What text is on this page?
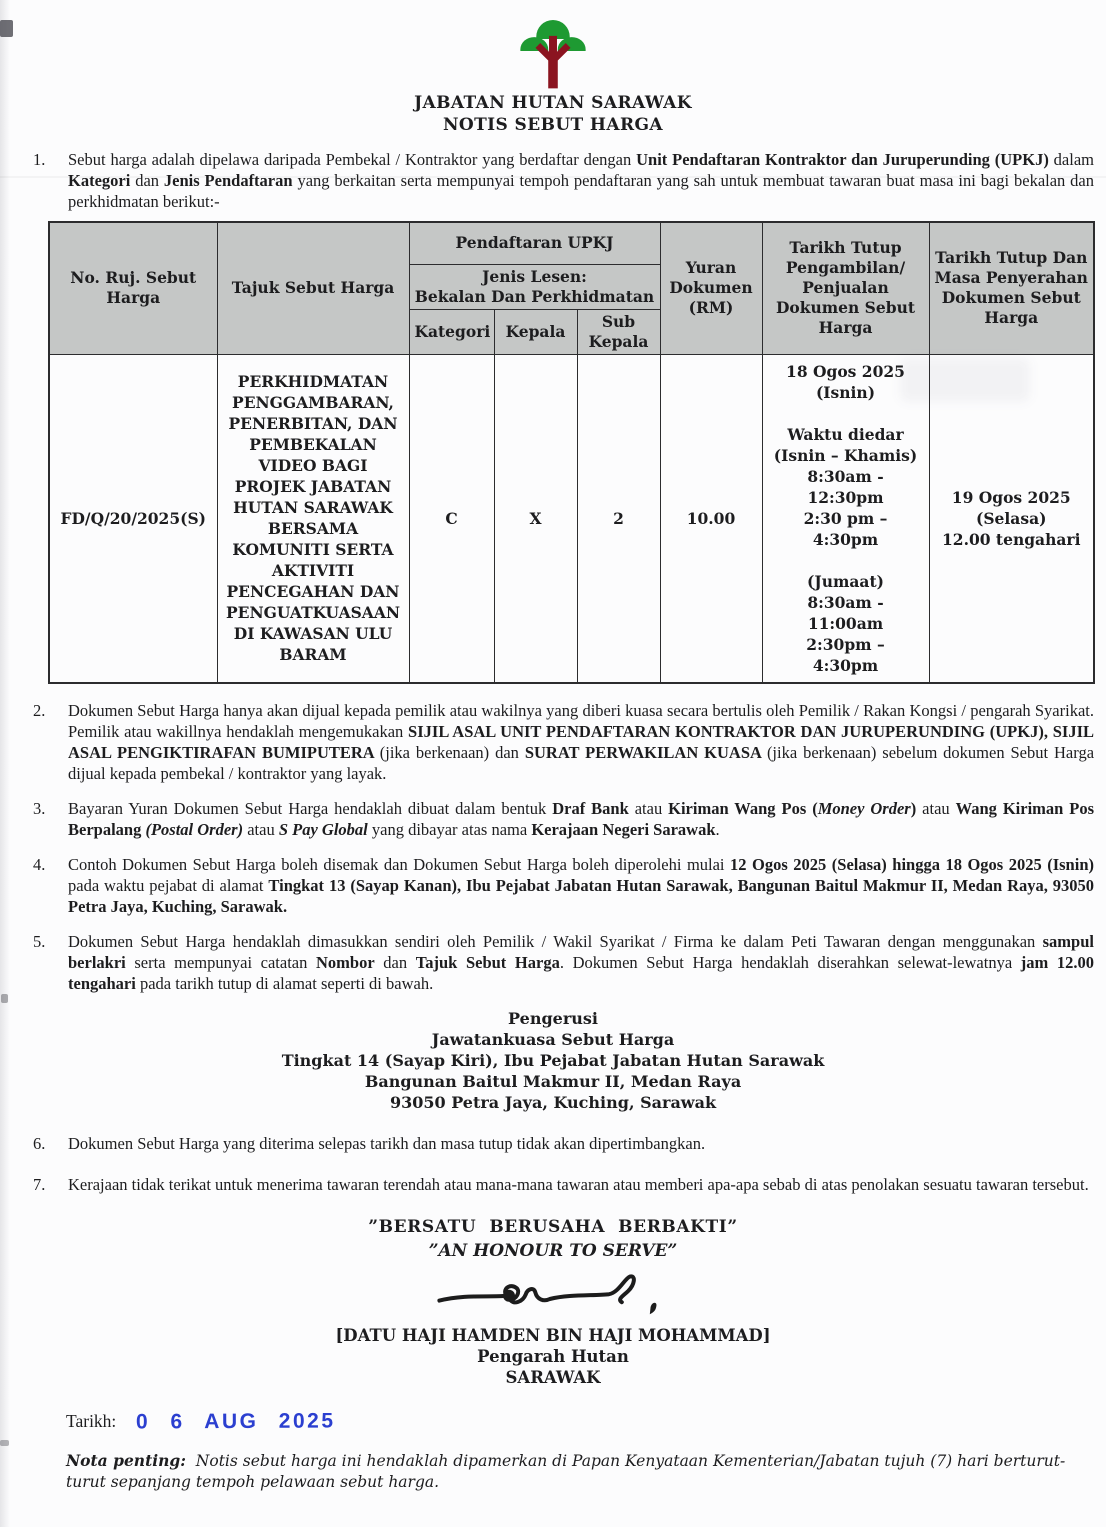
JABATAN HUTAN SARAWAK
NOTIS SEBUT HARGA
1.	Sebut harga adalah dipelawa daripada Pembekal / Kontraktor yang berdaftar dengan Unit Pendaftaran Kontraktor dan Juruperunding (UPKJ) dalam Kategori dan Jenis Pendaftaran yang berkaitan serta mempunyai tempoh pendaftaran yang sah untuk membuat tawaran buat masa ini bagi bekalan dan perkhidmatan berikut:-
No. Ruj. Sebut Harga	Tajuk Sebut Harga	Pendaftaran UPKJ			Yuran Dokumen (RM)	Tarikh Tutup Pengambilan/ Penjualan Dokumen Sebut Harga	Tarikh Tutup Dan Masa Penyerahan Dokumen Sebut Harga
		Jenis Lesen:
Bekalan Dan Perkhidmatan					
		Kategori	Kepala	Sub Kepala			
FD/Q/20/2025(S)	PERKHIDMATAN PENGGAMBARAN, PENERBITAN, DAN PEMBEKALAN VIDEO BAGI PROJEK JABATAN HUTAN SARAWAK BERSAMA KOMUNITI SERTA AKTIVITI PENCEGAHAN DAN PENGUATKUASAAN DI KAWASAN ULU BARAM	C	X	2	10.00	18 Ogos 2025
(Isnin)

Waktu diedar
(Isnin – Khamis)
8:30am -
12:30pm
2:30 pm –
4:30pm

(Jumaat)
8:30am -
11:00am
2:30pm –
4:30pm	19 Ogos 2025
(Selasa)
12.00 tengahari
2.	Dokumen Sebut Harga hanya akan dijual kepada pemilik atau wakilnya yang diberi kuasa secara bertulis oleh Pemilik / Rakan Kongsi / pengarah Syarikat. Pemilik atau wakillnya hendaklah mengemukakan SIJIL ASAL UNIT PENDAFTARAN KONTRAKTOR DAN JURUPERUNDING (UPKJ), SIJIL ASAL PENGIKTIRAFAN BUMIPUTERA (jika berkenaan) dan SURAT PERWAKILAN KUASA (jika berkenaan) sebelum dokumen Sebut Harga dijual kepada pembekal / kontraktor yang layak.
3.	Bayaran Yuran Dokumen Sebut Harga hendaklah dibuat dalam bentuk Draf Bank atau Kiriman Wang Pos (Money Order) atau Wang Kiriman Pos Berpalang (Postal Order) atau S Pay Global yang dibayar atas nama Kerajaan Negeri Sarawak.
4.	Contoh Dokumen Sebut Harga boleh disemak dan Dokumen Sebut Harga boleh diperolehi mulai 12 Ogos 2025 (Selasa) hingga 18 Ogos 2025 (Isnin) pada waktu pejabat di alamat Tingkat 13 (Sayap Kanan), Ibu Pejabat Jabatan Hutan Sarawak, Bangunan Baitul Makmur II, Medan Raya, 93050 Petra Jaya, Kuching, Sarawak.
5.	Dokumen Sebut Harga hendaklah dimasukkan sendiri oleh Pemilik / Wakil Syarikat / Firma ke dalam Peti Tawaran dengan menggunakan sampul berlakri serta mempunyai catatan Nombor dan Tajuk Sebut Harga. Dokumen Sebut Harga hendaklah diserahkan selewat-lewatnya jam 12.00 tengahari pada tarikh tutup di alamat seperti di bawah.
Pengerusi
Jawatankuasa Sebut Harga
Tingkat 14 (Sayap Kiri), Ibu Pejabat Jabatan Hutan Sarawak
Bangunan Baitul Makmur II, Medan Raya
93050 Petra Jaya, Kuching, Sarawak
6.	Dokumen Sebut Harga yang diterima selepas tarikh dan masa tutup tidak akan dipertimbangkan.
7.	Kerajaan tidak terikat untuk menerima tawaran terendah atau mana-mana tawaran atau memberi apa-apa sebab di atas penolakan sesuatu tawaran tersebut.
”BERSATU  BERUSAHA  BERBAKTI”
”AN HONOUR TO SERVE”
[DATU HAJI HAMDEN BIN HAJI MOHAMMAD]
Pengarah Hutan
SARAWAK
Tarikh: 0 6 AUG 2025
Nota penting:  Notis sebut harga ini hendaklah dipamerkan di Papan Kenyataan Kementerian/Jabatan tujuh (7) hari berturut-turut sepanjang tempoh pelawaan sebut harga.
